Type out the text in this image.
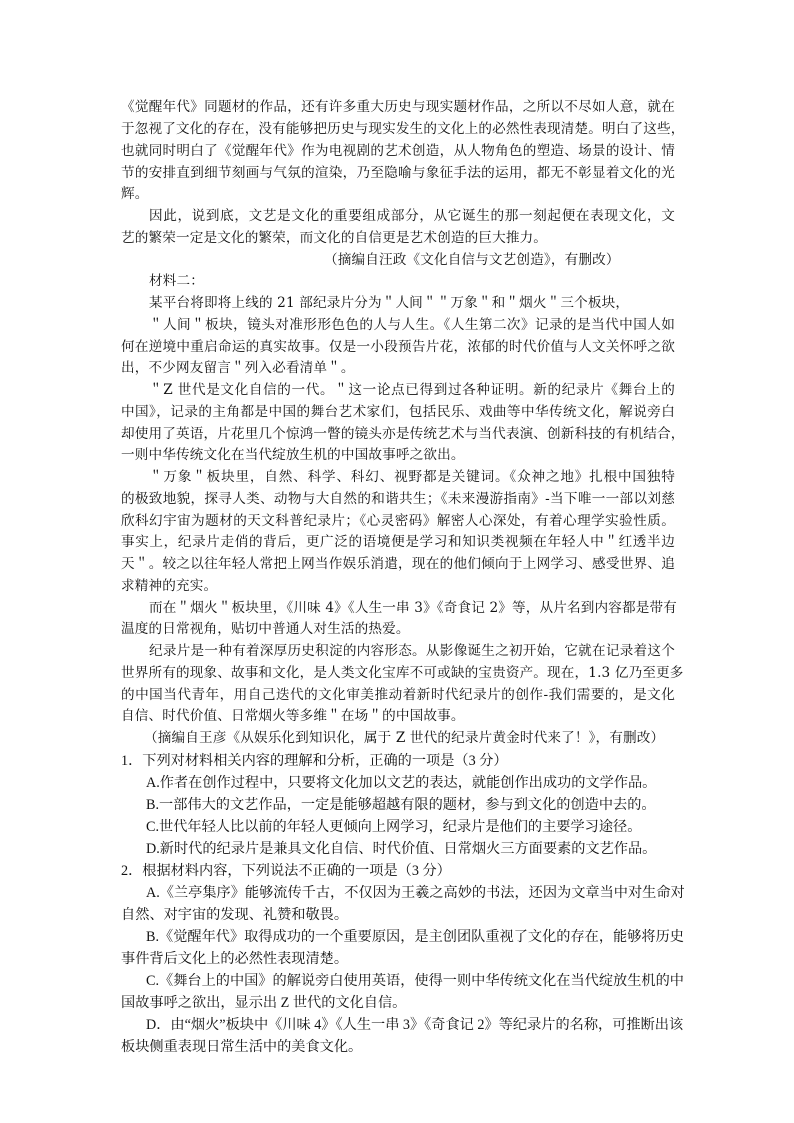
《觉醒年代》同题材的作品，还有许多重大历史与现实题材作品，之所以不尽如人意，就在
于忽视了文化的存在，没有能够把历史与现实发生的文化上的必然性表现清楚。明白了这些，
也就同时明白了《觉醒年代》作为电视剧的艺术创造，从人物角色的塑造、场景的设计、情
节的安排直到细节刻画与气氛的渲染，乃至隐喻与象征手法的运用，都无不彰显着文化的光
辉。
因此，说到底，文艺是文化的重要组成部分，从它诞生的那一刻起便在表现文化，文
艺的繁荣一定是文化的繁荣，而文化的自信更是艺术创造的巨大推力。
（摘编自汪政《文化自信与文艺创造》，有删改）
材料二：
某平台将即将上线的 21 部纪录片分为＂人间＂＂万象＂和＂烟火＂三个板块，
＂人间＂板块，镜头对准形形色色的人与人生。《人生第二次》记录的是当代中国人如
何在逆境中重启命运的真实故事。仅是一小段预告片花，浓郁的时代价值与人文关怀呼之欲
出，不少网友留言＂列入必看清单＂。
＂Z 世代是文化自信的一代。＂这一论点已得到过各种证明。新的纪录片《舞台上的
中国》，记录的主角都是中国的舞台艺术家们，包括民乐、戏曲等中华传统文化，解说旁白
却使用了英语，片花里几个惊鸿一瞥的镜头亦是传统艺术与当代表演、创新科技的有机结合，
一则中华传统文化在当代绽放生机的中国故事呼之欲出。
＂万象＂板块里，自然、科学、科幻、视野都是关键词。《众神之地》扎根中国独特
的极致地貌，探寻人类、动物与大自然的和谐共生；《未来漫游指南》-当下唯一一部以刘慈
欣科幻宇宙为题材的天文科普纪录片；《心灵密码》解密人心深处，有着心理学实验性质。
事实上，纪录片走俏的背后，更广泛的语境便是学习和知识类视频在年轻人中＂红透半边
天＂。较之以往年轻人常把上网当作娱乐消遣，现在的他们倾向于上网学习、感受世界、追
求精神的充实。
而在＂烟火＂板块里，《川味 4》《人生一串 3》《奇食记 2》等，从片名到内容都是带有
温度的日常视角，贴切中普通人对生活的热爱。
纪录片是一种有着深厚历史积淀的内容形态。从影像诞生之初开始，它就在记录着这个
世界所有的现象、故事和文化，是人类文化宝库不可或缺的宝贵资产。现在，1.3 亿乃至更多
的中国当代青年，用自己迭代的文化审美推动着新时代纪录片的创作-我们需要的，是文化
自信、时代价值、日常烟火等多维＂在场＂的中国故事。
（摘编自王彦《从娱乐化到知识化，属于 Z 世代的纪录片黄金时代来了！》，有删改）
1．下列对材料相关内容的理解和分析，正确的一项是（3 分）
A.作者在创作过程中，只要将文化加以文艺的表达，就能创作出成功的文学作品。
B.一部伟大的文艺作品，一定是能够超越有限的题材，参与到文化的创造中去的。
C.世代年轻人比以前的年轻人更倾向上网学习，纪录片是他们的主要学习途径。
D.新时代的纪录片是兼具文化自信、时代价值、日常烟火三方面要素的文艺作品。
2．根据材料内容，下列说法不正确的一项是（3 分）
A.《兰亭集序》能够流传千古，不仅因为王羲之高妙的书法，还因为文章当中对生命对
自然、对宇宙的发现、礼赞和敬畏。
B.《觉醒年代》取得成功的一个重要原因，是主创团队重视了文化的存在，能够将历史
事件背后文化上的必然性表现清楚。
C.《舞台上的中国》的解说旁白使用英语，使得一则中华传统文化在当代绽放生机的中
国故事呼之欲出，显示出 Z 世代的文化自信。
D．由“烟火”板块中《川味 4》《人生一串 3》《奇食记 2》等纪录片的名称，可推断出该
板块侧重表现日常生活中的美食文化。
